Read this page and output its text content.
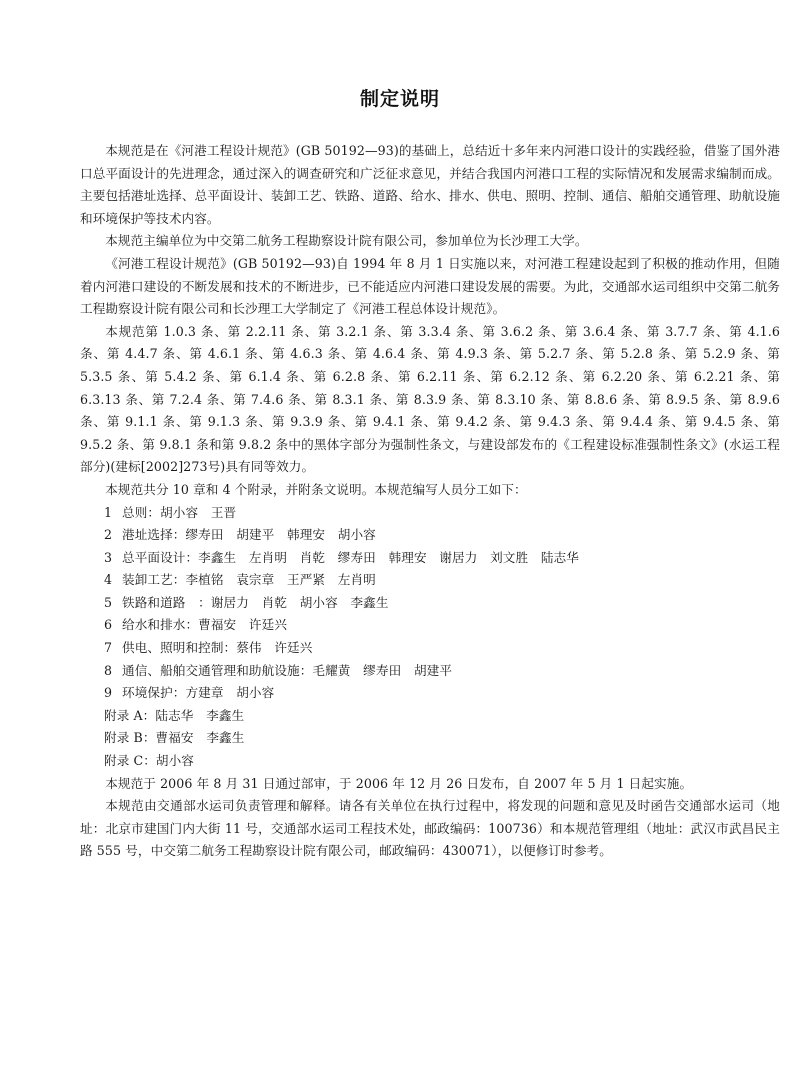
制定说明

本规范是在《河港工程设计规范》(GB 50192—93)的基础上，总结近十多年来内河港口设计的实践经验，借鉴了国外港口总平面设计的先进理念，通过深入的调查研究和广泛征求意见，并结合我国内河港口工程的实际情况和发展需求编制而成。主要包括港址选择、总平面设计、装卸工艺、铁路、道路、给水、排水、供电、照明、控制、通信、船舶交通管理、助航设施和环境保护等技术内容。

本规范主编单位为中交第二航务工程勘察设计院有限公司，参加单位为长沙理工大学。

《河港工程设计规范》(GB 50192—93)自 1994 年 8 月 1 日实施以来，对河港工程建设起到了积极的推动作用，但随着内河港口建设的不断发展和技术的不断进步，已不能适应内河港口建设发展的需要。为此，交通部水运司组织中交第二航务工程勘察设计院有限公司和长沙理工大学制定了《河港工程总体设计规范》。

本规范第 1.0.3 条、第 2.2.11 条、第 3.2.1 条、第 3.3.4 条、第 3.6.2 条、第 3.6.4 条、第 3.7.7 条、第 4.1.6 条、第 4.4.7 条、第 4.6.1 条、第 4.6.3 条、第 4.6.4 条、第 4.9.3 条、第 5.2.7 条、第 5.2.8 条、第 5.2.9 条、第 5.3.5 条、第 5.4.2 条、第 6.1.4 条、第 6.2.8 条、第 6.2.11 条、第 6.2.12 条、第 6.2.20 条、第 6.2.21 条、第 6.3.13 条、第 7.2.4 条、第 7.4.6 条、第 8.3.1 条、第 8.3.9 条、第 8.3.10 条、第 8.8.6 条、第 8.9.5 条、第 8.9.6 条、第 9.1.1 条、第 9.1.3 条、第 9.3.9 条、第 9.4.1 条、第 9.4.2 条、第 9.4.3 条、第 9.4.4 条、第 9.4.5 条、第 9.5.2 条、第 9.8.1 条和第 9.8.2 条中的黑体字部分为强制性条文，与建设部发布的《工程建设标准强制性条文》(水运工程部分)(建标[2002]273号)具有同等效力。

本规范共分 10 章和 4 个附录，并附条文说明。本规范编写人员分工如下：

1 总则：胡小容　王晋

2 港址选择：缪寿田　胡建平　韩理安　胡小容

3 总平面设计：李鑫生　左肖明　肖乾　缪寿田　韩理安　谢居力　刘文胜　陆志华

4 装卸工艺：李植铭　袁宗章　王严紧　左肖明

5 铁路和道路　：谢居力　肖乾　胡小容　李鑫生

6 给水和排水：曹福安　许廷兴

7 供电、照明和控制：蔡伟　许廷兴

8 通信、船舶交通管理和助航设施：毛耀黄　缪寿田　胡建平

9 环境保护：方建章　胡小容

附录 A：陆志华　李鑫生

附录 B：曹福安　李鑫生

附录 C：胡小容

本规范于 2006 年 8 月 31 日通过部审，于 2006 年 12 月 26 日发布，自 2007 年 5 月 1 日起实施。

本规范由交通部水运司负责管理和解释。请各有关单位在执行过程中，将发现的问题和意见及时函告交通部水运司（地址：北京市建国门内大街 11 号，交通部水运司工程技术处，邮政编码：100736）和本规范管理组（地址：武汉市武昌民主路 555 号，中交第二航务工程勘察设计院有限公司，邮政编码：430071），以便修订时参考。
